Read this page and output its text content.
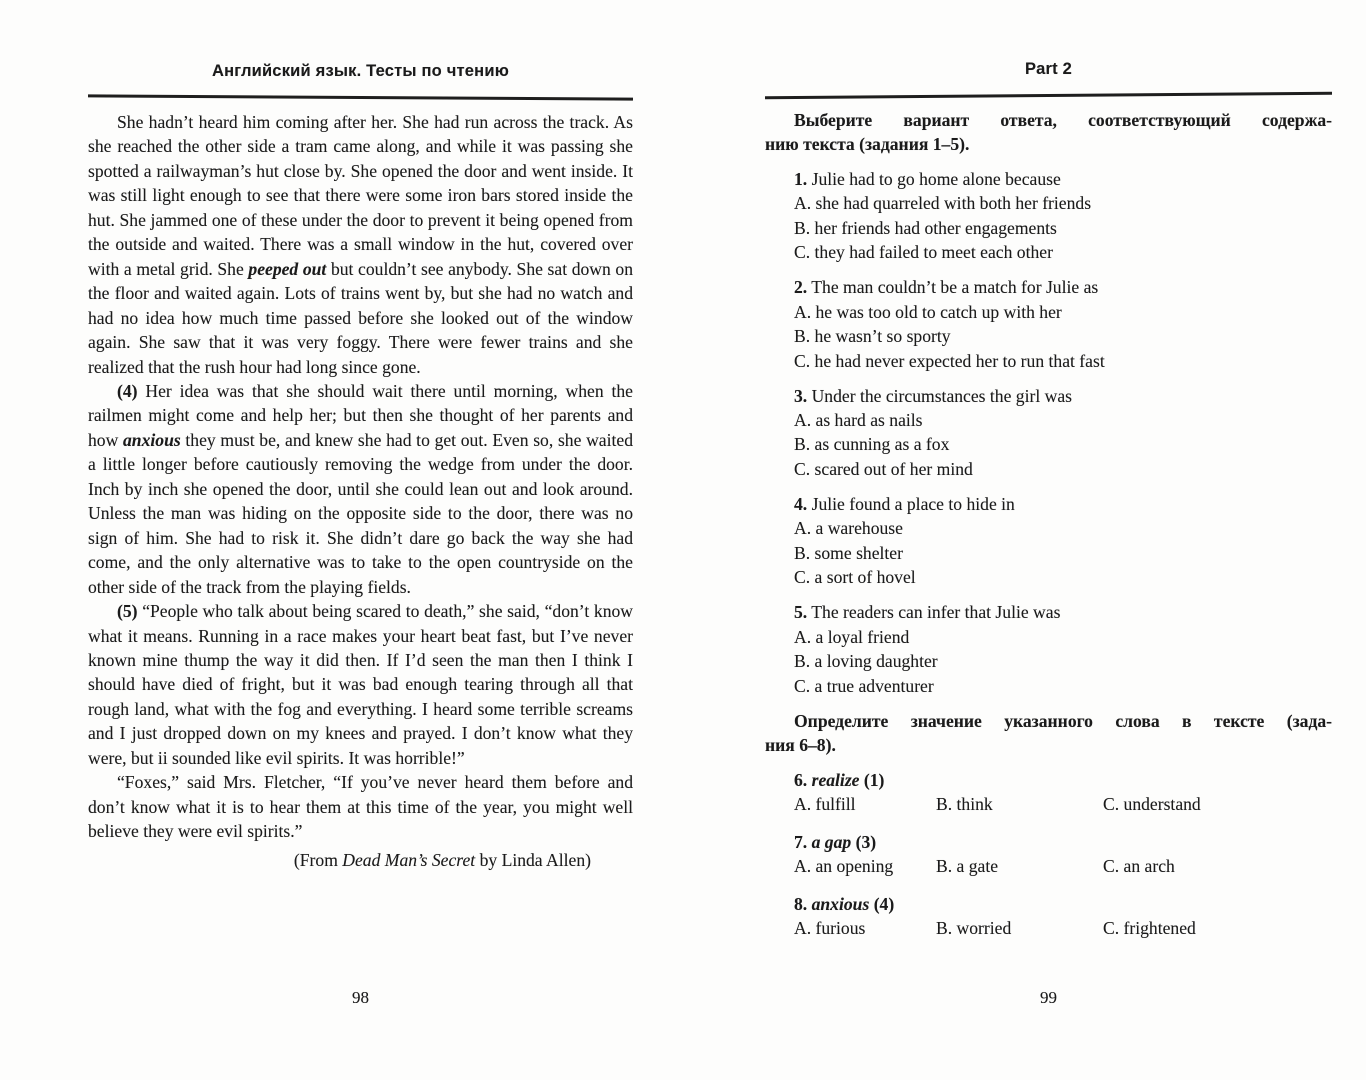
Английский язык. Тесты по чтению

She hadn’t heard him coming after her. She had run across the track. As she reached the other side a tram came along, and while it was passing she spotted a railwayman’s hut close by. She opened the door and went inside. It was still light enough to see that there were some iron bars stored inside the hut. She jammed one of these under the door to prevent it being opened from the outside and waited. There was a small window in the hut, covered over with a metal grid. She peeped out but couldn’t see anybody. She sat down on the floor and waited again. Lots of trains went by, but she had no watch and had no idea how much time passed before she looked out of the window again. She saw that it was very foggy. There were fewer trains and she realized that the rush hour had long since gone.

(4) Her idea was that she should wait there until morning, when the railmen might come and help her; but then she thought of her parents and how anxious they must be, and knew she had to get out. Even so, she waited a little longer before cautiously removing the wedge from under the door. Inch by inch she opened the door, until she could lean out and look around. Unless the man was hiding on the opposite side to the door, there was no sign of him. She had to risk it. She didn’t dare go back the way she had come, and the only alternative was to take to the open countryside on the other side of the track from the playing fields.

(5) “People who talk about being scared to death,” she said, “don’t know what it means. Running in a race makes your heart beat fast, but I’ve never known mine thump the way it did then. If I’d seen the man then I think I should have died of fright, but it was bad enough tearing through all that rough land, what with the fog and everything. I heard some terrible screams and I just dropped down on my knees and prayed. I don’t know what they were, but ii sounded like evil spirits. It was horrible!”

“Foxes,” said Mrs. Fletcher, “If you’ve never heard them before and don’t know what it is to hear them at this time of the year, you might well believe they were evil spirits.”

(From Dead Man’s Secret by Linda Allen)
98
Part 2
Выберите вариант ответа, соответствующий содержа-
нию текста (задания 1–5).
1. Julie had to go home alone because
A. she had quarreled with both her friends
B. her friends had other engagements
C. they had failed to meet each other
2. The man couldn’t be a match for Julie as
A. he was too old to catch up with her
B. he wasn’t so sporty
C. he had never expected her to run that fast
3. Under the circumstances the girl was
A. as hard as nails
B. as cunning as a fox
C. scared out of her mind
4. Julie found a place to hide in
A. a warehouse
B. some shelter
C. a sort of hovel
5. The readers can infer that Julie was
A. a loyal friend
B. a loving daughter
C. a true adventurer
Определите значение указанного слова в тексте (зада-
ния 6–8).
6. realize (1)
A. fulfill	B. think	C. understand
7. a gap (3)
A. an opening B. a gate	C. an arch
8. anxious (4)
A. furious	B. worried	C. frightened
99
